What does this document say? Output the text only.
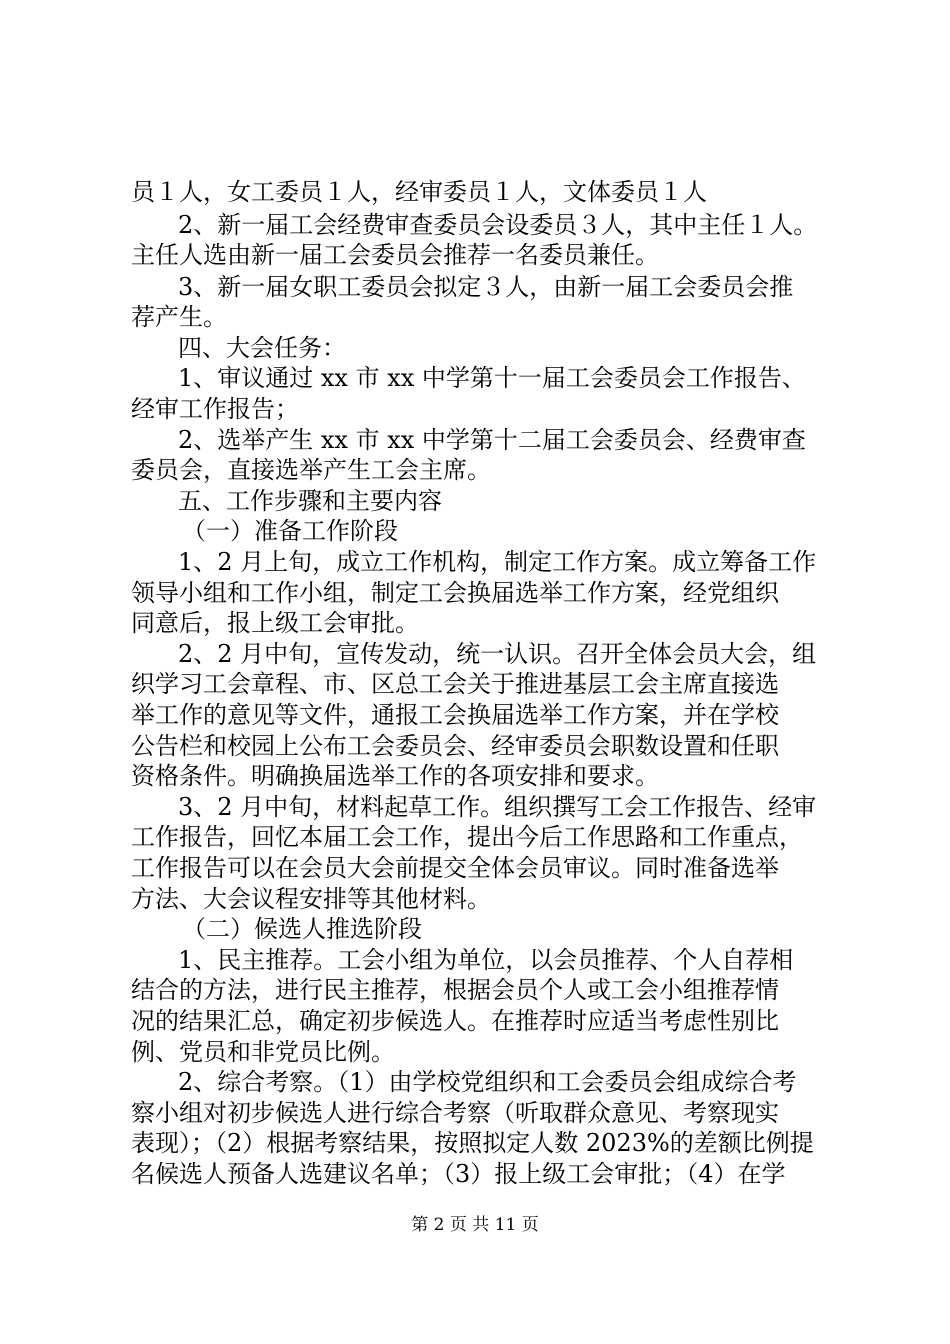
员１人，女工委员１人，经审委员１人，文体委员１人
2、新一届工会经费审查委员会设委员３人，其中主任１人。
主任人选由新一届工会委员会推荐一名委员兼任。
3、新一届女职工委员会拟定３人，由新一届工会委员会推
荐产生。
四、大会任务：
1、审议通过 xx 市 xx 中学第十一届工会委员会工作报告、
经审工作报告；
2、选举产生 xx 市 xx 中学第十二届工会委员会、经费审查
委员会，直接选举产生工会主席。
五、工作步骤和主要内容
（一）准备工作阶段
1、2 月上旬，成立工作机构，制定工作方案。成立筹备工作
领导小组和工作小组，制定工会换届选举工作方案，经党组织
同意后，报上级工会审批。
2、2 月中旬，宣传发动，统一认识。召开全体会员大会，组
织学习工会章程、市、区总工会关于推进基层工会主席直接选
举工作的意见等文件，通报工会换届选举工作方案，并在学校
公告栏和校园上公布工会委员会、经审委员会职数设置和任职
资格条件。明确换届选举工作的各项安排和要求。
3、2 月中旬，材料起草工作。组织撰写工会工作报告、经审
工作报告，回忆本届工会工作，提出今后工作思路和工作重点，
工作报告可以在会员大会前提交全体会员审议。同时准备选举
方法、大会议程安排等其他材料。
（二）候选人推选阶段
1、民主推荐。工会小组为单位，以会员推荐、个人自荐相
结合的方法，进行民主推荐，根据会员个人或工会小组推荐情
况的结果汇总，确定初步候选人。在推荐时应适当考虑性别比
例、党员和非党员比例。
2、综合考察。（1）由学校党组织和工会委员会组成综合考
察小组对初步候选人进行综合考察（听取群众意见、考察现实
表现）；（2）根据考察结果，按照拟定人数 2023%的差额比例提
名候选人预备人选建议名单；（3）报上级工会审批；（4）在学
第 2 页 共 11 页
